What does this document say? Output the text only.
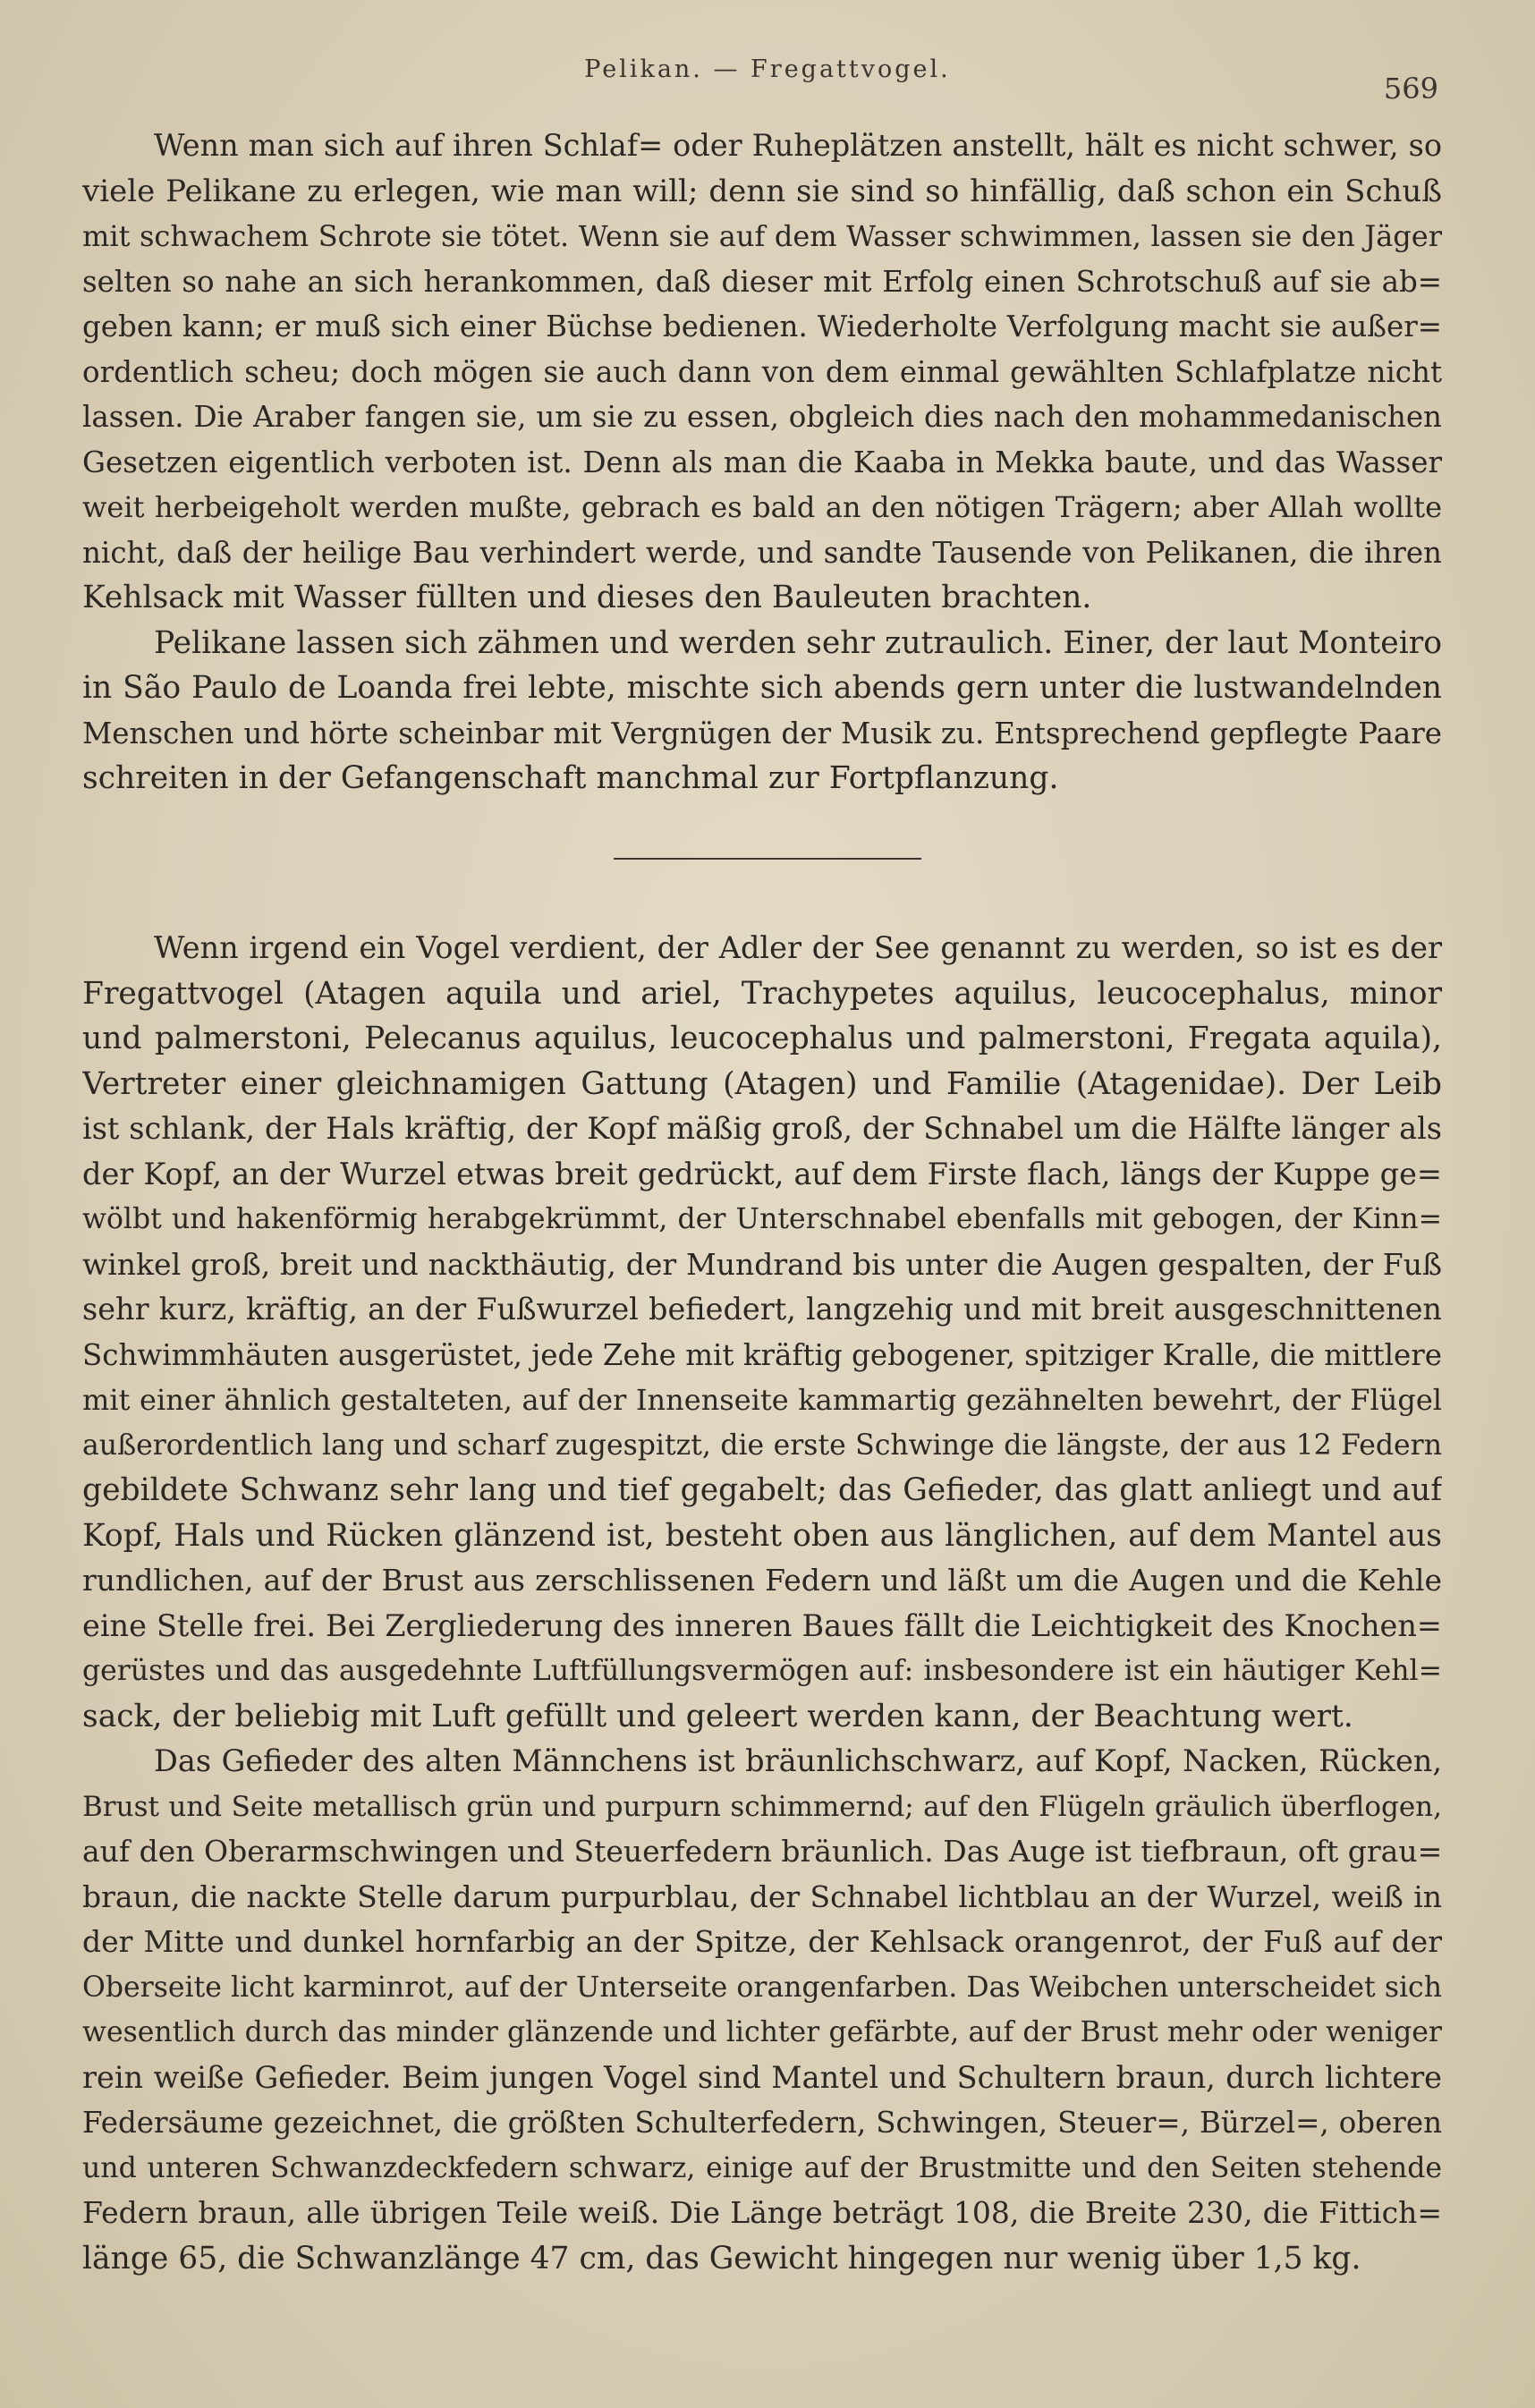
Pelikan. — Fregattvogel.
569
Wenn man sich auf ihren Schlaf= oder Ruheplätzen anstellt, hält es nicht schwer, so
viele Pelikane zu erlegen, wie man will; denn sie sind so hinfällig, daß schon ein Schuß
mit schwachem Schrote sie tötet. Wenn sie auf dem Wasser schwimmen, lassen sie den Jäger
selten so nahe an sich herankommen, daß dieser mit Erfolg einen Schrotschuß auf sie ab=
geben kann; er muß sich einer Büchse bedienen. Wiederholte Verfolgung macht sie außer=
ordentlich scheu; doch mögen sie auch dann von dem einmal gewählten Schlafplatze nicht
lassen. Die Araber fangen sie, um sie zu essen, obgleich dies nach den mohammedanischen
Gesetzen eigentlich verboten ist. Denn als man die Kaaba in Mekka baute, und das Wasser
weit herbeigeholt werden mußte, gebrach es bald an den nötigen Trägern; aber Allah wollte
nicht, daß der heilige Bau verhindert werde, und sandte Tausende von Pelikanen, die ihren
Kehlsack mit Wasser füllten und dieses den Bauleuten brachten.
Pelikane lassen sich zähmen und werden sehr zutraulich. Einer, der laut Monteiro
in São Paulo de Loanda frei lebte, mischte sich abends gern unter die lustwandelnden
Menschen und hörte scheinbar mit Vergnügen der Musik zu. Entsprechend gepflegte Paare
schreiten in der Gefangenschaft manchmal zur Fortpflanzung.
Wenn irgend ein Vogel verdient, der Adler der See genannt zu werden, so ist es der
Fregattvogel (Atagen aquila und ariel, Trachypetes aquilus, leucocephalus, minor
und palmerstoni, Pelecanus aquilus, leucocephalus und palmerstoni, Fregata aquila),
Vertreter einer gleichnamigen Gattung (Atagen) und Familie (Atagenidae). Der Leib
ist schlank, der Hals kräftig, der Kopf mäßig groß, der Schnabel um die Hälfte länger als
der Kopf, an der Wurzel etwas breit gedrückt, auf dem Firste flach, längs der Kuppe ge=
wölbt und hakenförmig herabgekrümmt, der Unterschnabel ebenfalls mit gebogen, der Kinn=
winkel groß, breit und nackthäutig, der Mundrand bis unter die Augen gespalten, der Fuß
sehr kurz, kräftig, an der Fußwurzel befiedert, langzehig und mit breit ausgeschnittenen
Schwimmhäuten ausgerüstet, jede Zehe mit kräftig gebogener, spitziger Kralle, die mittlere
mit einer ähnlich gestalteten, auf der Innenseite kammartig gezähnelten bewehrt, der Flügel
außerordentlich lang und scharf zugespitzt, die erste Schwinge die längste, der aus 12 Federn
gebildete Schwanz sehr lang und tief gegabelt; das Gefieder, das glatt anliegt und auf
Kopf, Hals und Rücken glänzend ist, besteht oben aus länglichen, auf dem Mantel aus
rundlichen, auf der Brust aus zerschlissenen Federn und läßt um die Augen und die Kehle
eine Stelle frei. Bei Zergliederung des inneren Baues fällt die Leichtigkeit des Knochen=
gerüstes und das ausgedehnte Luftfüllungsvermögen auf: insbesondere ist ein häutiger Kehl=
sack, der beliebig mit Luft gefüllt und geleert werden kann, der Beachtung wert.
Das Gefieder des alten Männchens ist bräunlichschwarz, auf Kopf, Nacken, Rücken,
Brust und Seite metallisch grün und purpurn schimmernd; auf den Flügeln gräulich überflogen,
auf den Oberarmschwingen und Steuerfedern bräunlich. Das Auge ist tiefbraun, oft grau=
braun, die nackte Stelle darum purpurblau, der Schnabel lichtblau an der Wurzel, weiß in
der Mitte und dunkel hornfarbig an der Spitze, der Kehlsack orangenrot, der Fuß auf der
Oberseite licht karminrot, auf der Unterseite orangenfarben. Das Weibchen unterscheidet sich
wesentlich durch das minder glänzende und lichter gefärbte, auf der Brust mehr oder weniger
rein weiße Gefieder. Beim jungen Vogel sind Mantel und Schultern braun, durch lichtere
Federsäume gezeichnet, die größten Schulterfedern, Schwingen, Steuer=, Bürzel=, oberen
und unteren Schwanzdeckfedern schwarz, einige auf der Brustmitte und den Seiten stehende
Federn braun, alle übrigen Teile weiß. Die Länge beträgt 108, die Breite 230, die Fittich=
länge 65, die Schwanzlänge 47 cm, das Gewicht hingegen nur wenig über 1,5 kg.
